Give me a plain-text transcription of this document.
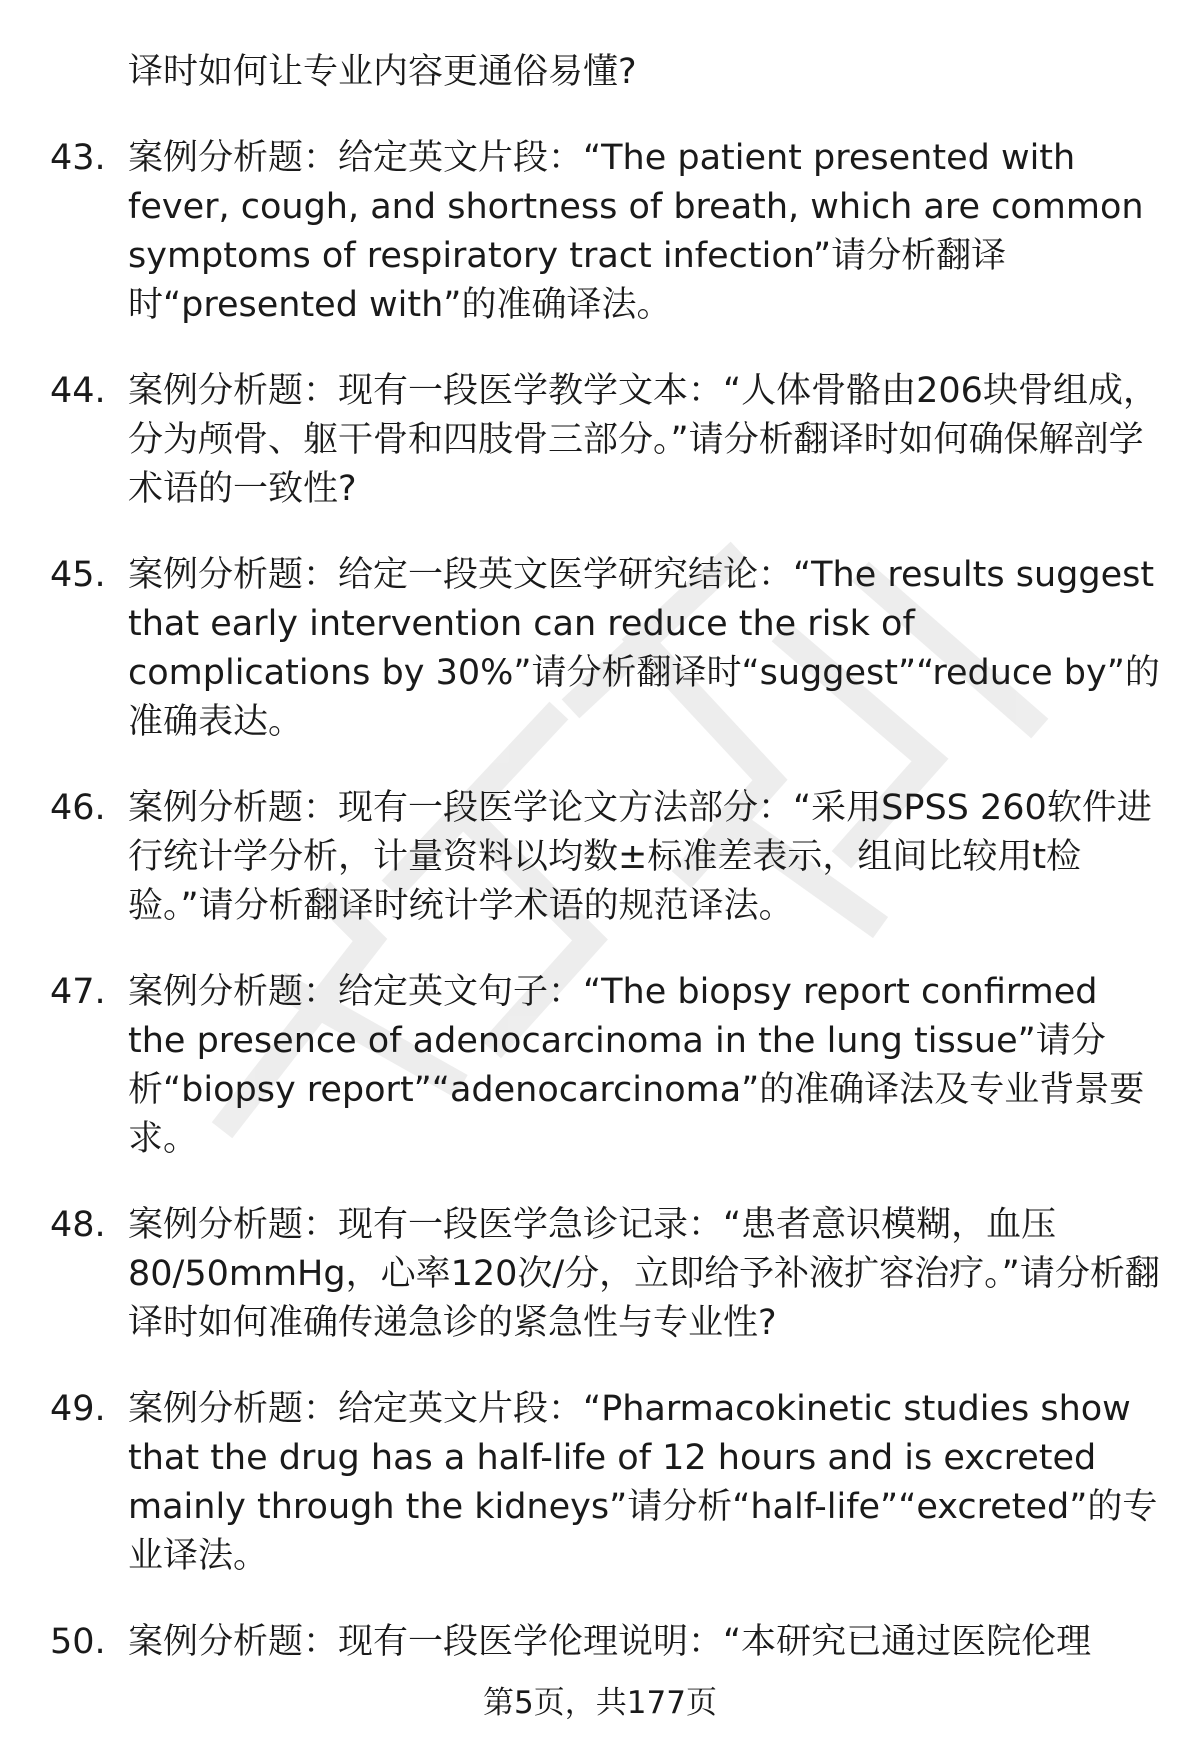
译时如何让专业内容更通俗易懂?

43. 案例分析题：给定英文片段：“The patient presented with fever, cough, and shortness of breath, which are common symptoms of respiratory tract infection”请分析翻译时“presented with”的准确译法。
44. 案例分析题：现有一段医学教学文本：“人体骨骼由206块骨组成，分为颅骨、躯干骨和四肢骨三部分。”请分析翻译时如何确保解剖学术语的一致性?
45. 案例分析题：给定一段英文医学研究结论：“The results suggest that early intervention can reduce the risk of complications by 30%”请分析翻译时“suggest”“reduce by”的准确表达。
46. 案例分析题：现有一段医学论文方法部分：“采用SPSS 260软件进行统计学分析，计量资料以均数±标准差表示，组间比较用t检验。”请分析翻译时统计学术语的规范译法。
47. 案例分析题：给定英文句子：“The biopsy report confirmed the presence of adenocarcinoma in the lung tissue”请分析“biopsy report”“adenocarcinoma”的准确译法及专业背景要求。
48. 案例分析题：现有一段医学急诊记录：“患者意识模糊，血压80/50mmHg，心率120次/分，立即给予补液扩容治疗。”请分析翻译时如何准确传递急诊的紧急性与专业性?
49. 案例分析题：给定英文片段：“Pharmacokinetic studies show that the drug has a half-life of 12 hours and is excreted mainly through the kidneys”请分析“half-life”“excreted”的专业译法。
50. 案例分析题：现有一段医学伦理说明：“本研究已通过医院伦理
第5页，共177页
